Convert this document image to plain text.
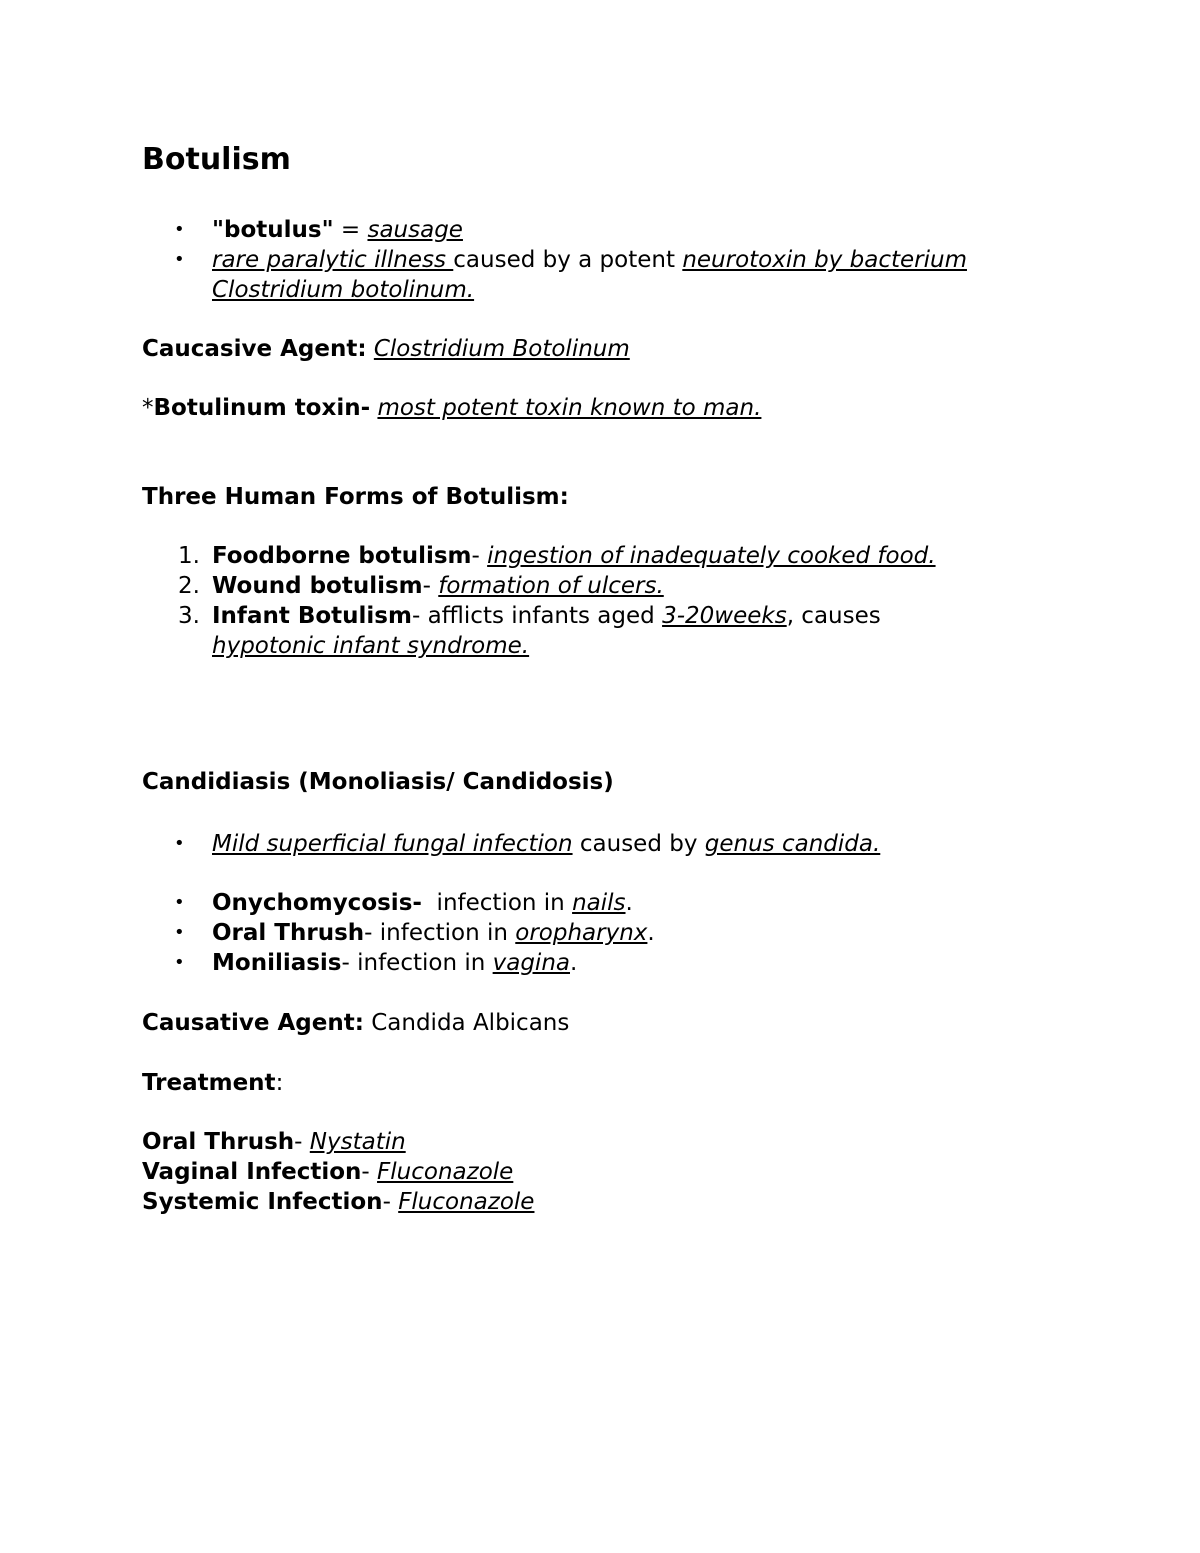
Botulism
• "botulus" = sausage
• rare paralytic illness caused by a potent neurotoxin by bacterium
Clostridium botolinum.
Caucasive Agent: Clostridium Botolinum
*Botulinum toxin- most potent toxin known to man.
Three Human Forms of Botulism:
1. Foodborne botulism- ingestion of inadequately cooked food.
2. Wound botulism- formation of ulcers.
3. Infant Botulism- afflicts infants aged 3-20weeks, causes
hypotonic infant syndrome.
Candidiasis (Monoliasis/ Candidosis)
• Mild superficial fungal infection caused by genus candida.
• Onychomycosis-  infection in nails.
• Oral Thrush- infection in oropharynx.
• Moniliasis- infection in vagina.
Causative Agent: Candida Albicans
Treatment:
Oral Thrush- Nystatin
Vaginal Infection- Fluconazole
Systemic Infection- Fluconazole
